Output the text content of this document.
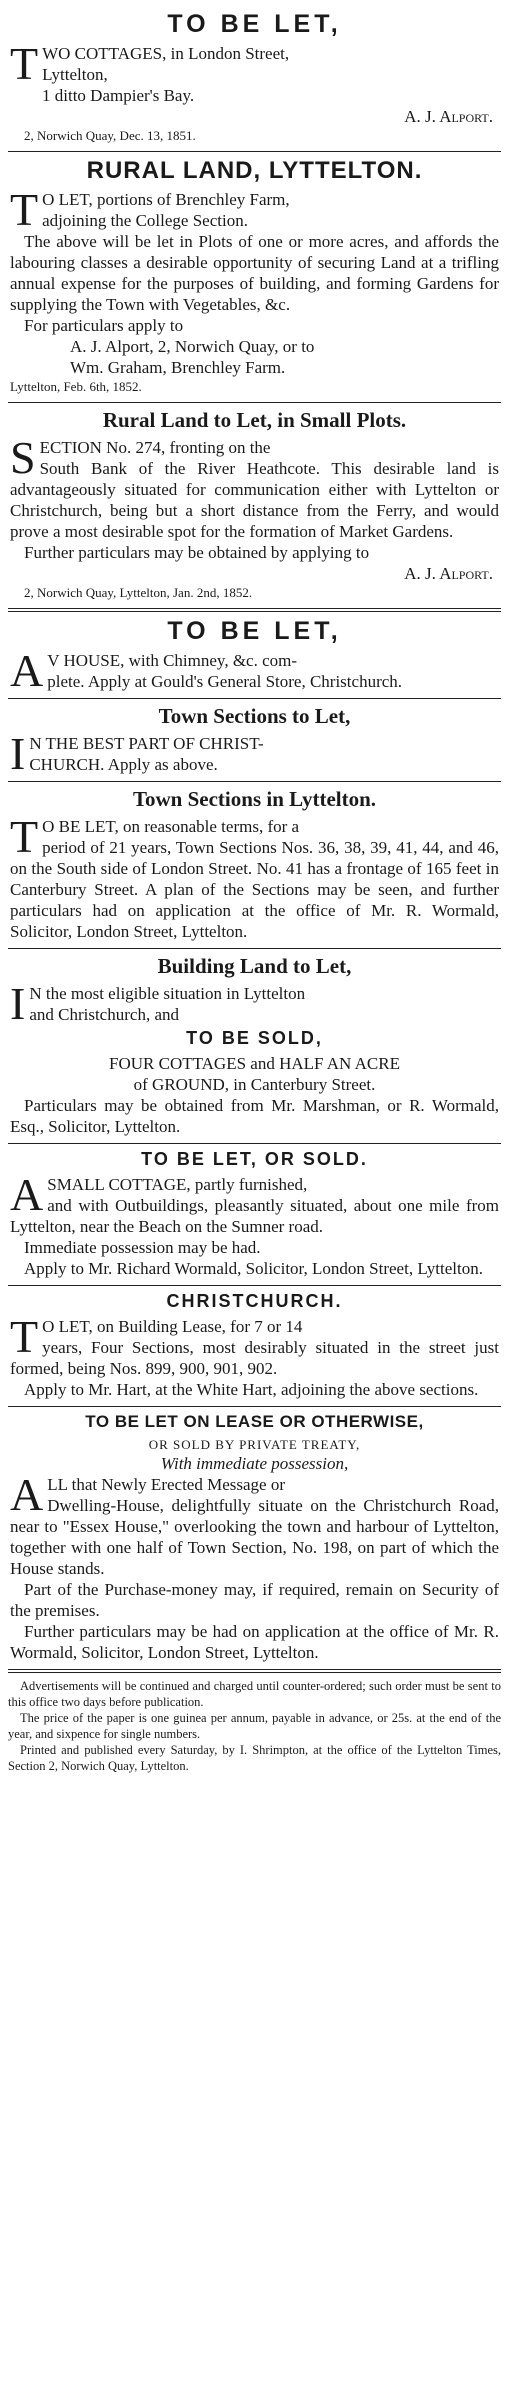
TO BE LET,
T WO COTTAGES, in London Street,

Lyttelton,

1 ditto Dampier's Bay.

A. J. Alport.

2, Norwich Quay, Dec. 13, 1851.

RURAL LAND, LYTTELTON.
T O LET, portions of Brenchley Farm,

adjoining the College Section.

The above will be let in Plots of one or more acres, and affords the labouring classes a desirable opportunity of securing Land at a trifling annual expense for the purposes of building, and forming Gardens for supplying the Town with Vegetables, &c.

For particulars apply to

A. J. Alport, 2, Norwich Quay, or to

Wm. Graham, Brenchley Farm.

Lyttelton, Feb. 6th, 1852.

Rural Land to Let, in Small Plots.
S ECTION No. 274, fronting on the

South Bank of the River Heathcote. This desirable land is advantageously situated for communication either with Lyttelton or Christchurch, being but a short distance from the Ferry, and would prove a most desirable spot for the formation of Market Gardens.

Further particulars may be obtained by applying to

A. J. Alport.

2, Norwich Quay, Lyttelton, Jan. 2nd, 1852.

TO BE LET,
A V HOUSE, with Chimney, &c. com-

plete. Apply at Gould's General Store, Christchurch.

Town Sections to Let,
I N THE BEST PART OF CHRIST-

CHURCH. Apply as above.

Town Sections in Lyttelton.
T O BE LET, on reasonable terms, for a

period of 21 years, Town Sections Nos. 36, 38, 39, 41, 44, and 46, on the South side of London Street. No. 41 has a frontage of 165 feet in Canterbury Street. A plan of the Sections may be seen, and further particulars had on application at the office of Mr. R. Wormald, Solicitor, London Street, Lyttelton.

Building Land to Let,
I N the most eligible situation in Lyttelton

and Christchurch, and

TO BE SOLD,

FOUR COTTAGES and HALF AN ACRE

of GROUND, in Canterbury Street.

Particulars may be obtained from Mr. Marshman, or R. Wormald, Esq., Solicitor, Lyttelton.

TO BE LET, OR SOLD.
A SMALL COTTAGE, partly furnished,

and with Outbuildings, pleasantly situated, about one mile from Lyttelton, near the Beach on the Sumner road.

Immediate possession may be had.

Apply to Mr. Richard Wormald, Solicitor, London Street, Lyttelton.

CHRISTCHURCH.
T O LET, on Building Lease, for 7 or 14

years, Four Sections, most desirably situated in the street just formed, being Nos. 899, 900, 901, 902.

Apply to Mr. Hart, at the White Hart, adjoining the above sections.

TO BE LET ON LEASE OR OTHERWISE,

OR SOLD BY PRIVATE TREATY,

With immediate possession,

A LL that Newly Erected Message or

Dwelling-House, delightfully situate on the Christchurch Road, near to "Essex House," overlooking the town and harbour of Lyttelton, together with one half of Town Section, No. 198, on part of which the House stands.

Part of the Purchase-money may, if required, remain on Security of the premises.

Further particulars may be had on application at the office of Mr. R. Wormald, Solicitor, London Street, Lyttelton.

Advertisements will be continued and charged until counter-ordered; such order must be sent to this office two days before publication.

The price of the paper is one guinea per annum, payable in advance, or 25s. at the end of the year, and sixpence for single numbers.

Printed and published every Saturday, by I. Shrimpton, at the office of the Lyttelton Times, Section 2, Norwich Quay, Lyttelton.
